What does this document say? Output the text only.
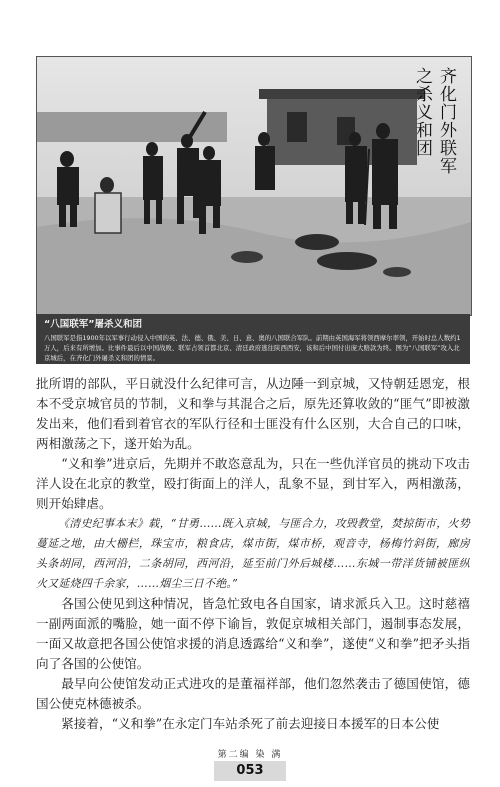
齐化门外联军
之杀义和团
“八国联军”屠杀义和团
八国联军是指1900年以军事行动侵入中国的英、法、德、俄、美、日、意、奥的八国联合军队。前期由英国海军将领西摩尔率领，开始时总人数约1万人，后来有所增加。比事件最后以中国战败、联军占领首都北京、清廷政府逃往陕西西安，该和后中国付出庞大赔款为终。图为“八国联军”攻入北京城后，在齐化门外屠杀义和团的情景。

批所谓的部队，平日就没什么纪律可言，从边陲一到京城，又恃朝廷恩宠，根本不受京城官员的节制，义和拳与其混合之后，原先还算收敛的“匪气”即被激发出来，他们看到着官衣的军队行径和士匪没有什么区别，大合自己的口味，两相激荡之下，遂开始为乱。

“义和拳”进京后，先期并不敢恣意乱为，只在一些仇洋官员的挑动下攻击洋人设在北京的教堂，殴打街面上的洋人，乱象不显，到甘军入，两相激荡，则开始肆虐。

《清史纪事本末》载，“甘勇……既入京城，与匪合力，攻毁教堂，焚掠街市，火势蔓延之地，由大栅栏，珠宝市，粮食店，煤市街，煤市桥，观音寺，杨梅竹斜街，廊房头条胡同，西河沿，二条胡同，西河沿，延至前门外后城楼……东城一带洋货铺被匪纵火又延烧四千余家，……烟尘三日不绝。”

各国公使见到这种情况，皆急忙致电各自国家，请求派兵入卫。这时慈禧一副两面派的嘴脸，她一面不停下谕旨，敦促京城相关部门，遏制事态发展，一面又故意把各国公使馆求援的消息透露给“义和拳”，遂使“义和拳”把矛头指向了各国的公使馆。

最早向公使馆发动正式进攻的是董福祥部，他们忽然袭击了德国使馆，德国公使克林德被杀。

紧接着，“义和拳”在永定门车站杀死了前去迎接日本援军的日本公使

第二编 染 满
053
